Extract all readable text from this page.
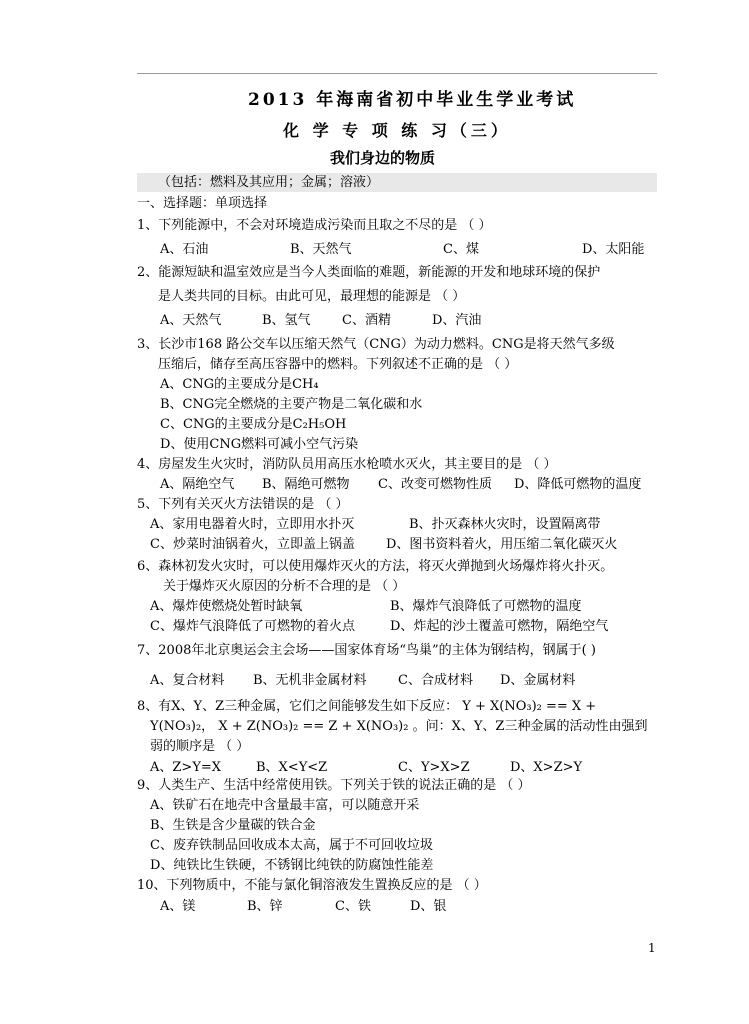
2013 年海南省初中毕业生学业考试
化 学 专 项 练 习（三）
我们身边的物质
（包括：燃料及其应用；金属；溶液）
一、选择题：单项选择
1、下列能源中，不会对环境造成污染而且取之不尽的是 （ ）
A、石油	B、天然气	C、煤	D、太阳能
2、能源短缺和温室效应是当今人类面临的难题，新能源的开发和地球环境的保护
是人类共同的目标。由此可见，最理想的能源是 （ ）
A、天然气	B、氢气 C、酒精	D、汽油
3、长沙市168 路公交车以压缩天然气（CNG）为动力燃料。CNG是将天然气多级
压缩后，储存至高压容器中的燃料。下列叙述不正确的是 （ ）
A、CNG的主要成分是CH₄
B、CNG完全燃烧的主要产物是二氧化碳和水
C、CNG的主要成分是C₂H₅OH
D、使用CNG燃料可减小空气污染
4、房屋发生火灾时，消防队员用高压水枪喷水灭火，其主要目的是 （ ）
A、隔绝空气 B、隔绝可燃物 C、改变可燃物性质 D、降低可燃物的温度
5、下列有关灭火方法错误的是 （ ）
A、家用电器着火时，立即用水扑灭	B、扑灭森林火灾时，设置隔离带
C、炒菜时油锅着火，立即盖上锅盖 D、图书资料着火，用压缩二氧化碳灭火
6、森林初发火灾时，可以使用爆炸灭火的方法，将灭火弹抛到火场爆炸将火扑灭。
关于爆炸灭火原因的分析不合理的是 （ ）
A、爆炸使燃烧处暂时缺氧	B、爆炸气浪降低了可燃物的温度
C、爆炸气浪降低了可燃物的着火点	D、炸起的沙土覆盖可燃物，隔绝空气
7、2008年北京奥运会主会场——国家体育场“鸟巢”的主体为钢结构，钢属于( )
A、复合材料 B、无机非金属材料 C、合成材料 D、金属材料
8、有X、Y、Z三种金属，它们之间能够发生如下反应： Y + X(NO₃)₂ == X +
Y(NO₃)₂， X + Z(NO₃)₂ == Z + X(NO₃)₂ 。问：X、Y、Z三种金属的活动性由强到
弱的顺序是 （ ）
A、Z>Y=X	B、X<Y<Z	C、Y>X>Z	D、X>Z>Y
9、人类生产、生活中经常使用铁。下列关于铁的说法正确的是 （ ）
A、铁矿石在地壳中含量最丰富，可以随意开采
B、生铁是含少量碳的铁合金
C、废弃铁制品回收成本太高，属于不可回收垃圾
D、纯铁比生铁硬，不锈钢比纯铁的防腐蚀性能差
10、下列物质中，不能与氯化铜溶液发生置换反应的是 （ ）
A、镁	B、锌	C、铁	D、银
1
